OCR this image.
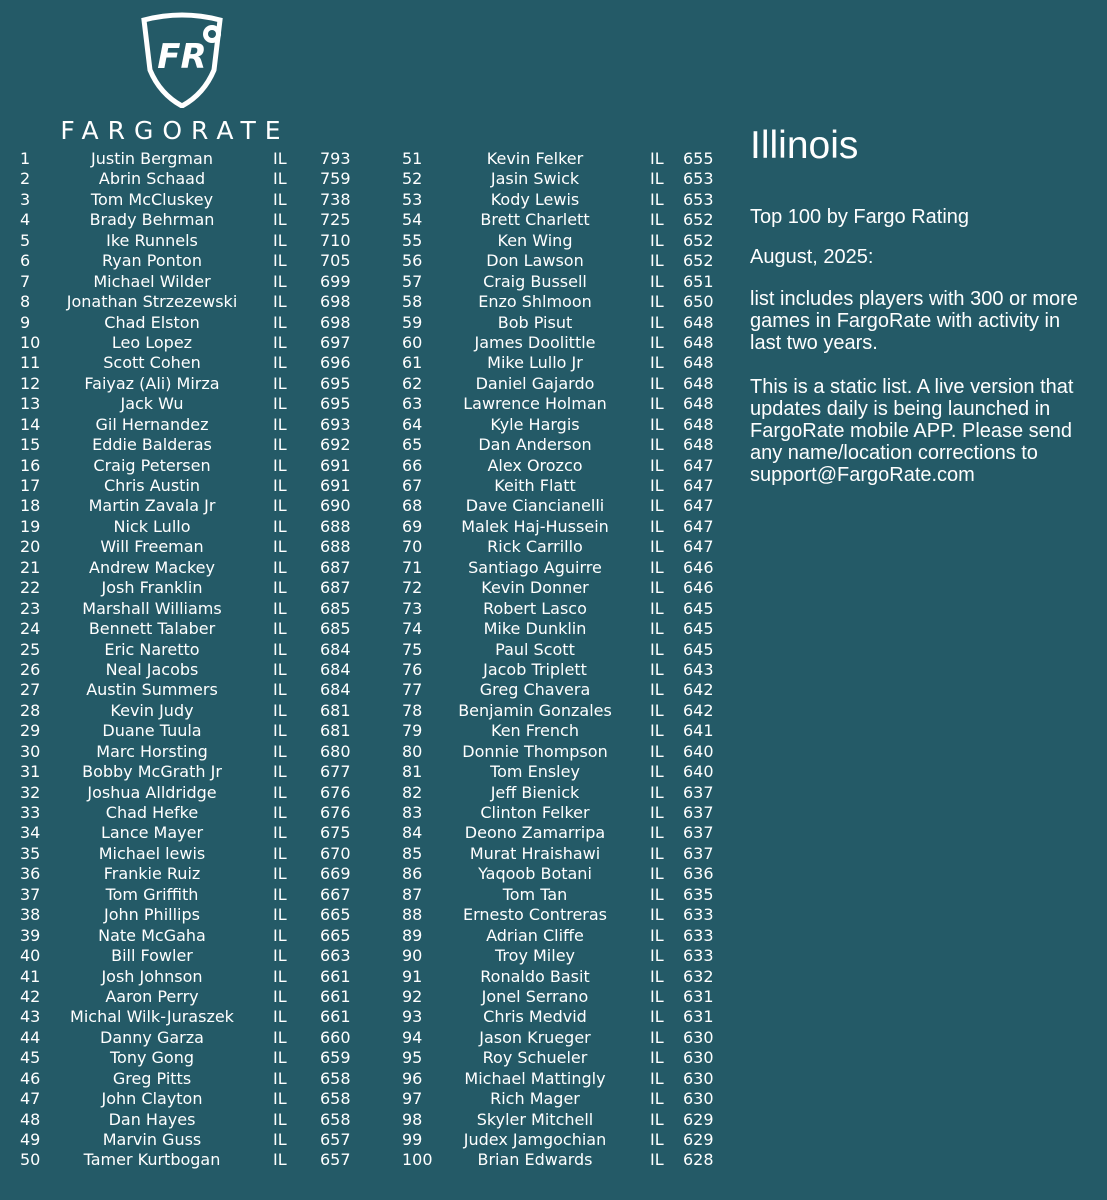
FR
FARGORATE
1	Justin Bergman	IL 793
2	Abrin Schaad	IL 759
3	Tom McCluskey	IL 738
4	Brady Behrman	IL 725
5	Ike Runnels	IL 710
6	Ryan Ponton	IL 705
7	Michael Wilder	IL 699
8	Jonathan Strzezewski	IL 698
9	Chad Elston	IL 698
10	Leo Lopez	IL 697
11	Scott Cohen	IL 696
12	Faiyaz (Ali) Mirza	IL 695
13	Jack Wu	IL 695
14	Gil Hernandez	IL 693
15	Eddie Balderas	IL 692
16	Craig Petersen	IL 691
17	Chris Austin	IL 691
18	Martin Zavala Jr	IL 690
19	Nick Lullo	IL 688
20	Will Freeman	IL 688
21	Andrew Mackey	IL 687
22	Josh Franklin	IL 687
23	Marshall Williams	IL 685
24	Bennett Talaber	IL 685
25	Eric Naretto	IL 684
26	Neal Jacobs	IL 684
27	Austin Summers	IL 684
28	Kevin Judy	IL 681
29	Duane Tuula	IL 681
30	Marc Horsting	IL 680
31	Bobby McGrath Jr	IL 677
32	Joshua Alldridge	IL 676
33	Chad Hefke	IL 676
34	Lance Mayer	IL 675
35	Michael lewis	IL 670
36	Frankie Ruiz	IL 669
37	Tom Griffith	IL 667
38	John Phillips	IL 665
39	Nate McGaha	IL 665
40	Bill Fowler	IL 663
41	Josh Johnson	IL 661
42	Aaron Perry	IL 661
43	Michal Wilk-Juraszek	IL 661
44	Danny Garza	IL 660
45	Tony Gong	IL 659
46	Greg Pitts	IL 658
47	John Clayton	IL 658
48	Dan Hayes	IL 658
49	Marvin Guss	IL 657
50	Tamer Kurtbogan	IL 657
51	Kevin Felker	IL 655
52	Jasin Swick	IL 653
53	Kody Lewis	IL 653
54	Brett Charlett	IL 652
55	Ken Wing	IL 652
56	Don Lawson	IL 652
57	Craig Bussell	IL 651
58	Enzo Shlmoon	IL 650
59	Bob Pisut	IL 648
60	James Doolittle	IL 648
61	Mike Lullo Jr	IL 648
62	Daniel Gajardo	IL 648
63	Lawrence Holman	IL 648
64	Kyle Hargis	IL 648
65	Dan Anderson	IL 648
66	Alex Orozco	IL 647
67	Keith Flatt	IL 647
68	Dave Ciancianelli	IL 647
69	Malek Haj-Hussein	IL 647
70	Rick Carrillo	IL 647
71	Santiago Aguirre	IL 646
72	Kevin Donner	IL 646
73	Robert Lasco	IL 645
74	Mike Dunklin	IL 645
75	Paul Scott	IL 645
76	Jacob Triplett	IL 643
77	Greg Chavera	IL 642
78	Benjamin Gonzales	IL 642
79	Ken French	IL 641
80	Donnie Thompson	IL 640
81	Tom Ensley	IL 640
82	Jeff Bienick	IL 637
83	Clinton Felker	IL 637
84	Deono Zamarripa	IL 637
85	Murat Hraishawi	IL 637
86	Yaqoob Botani	IL 636
87	Tom Tan	IL 635
88	Ernesto Contreras	IL 633
89	Adrian Cliffe	IL 633
90	Troy Miley	IL 633
91	Ronaldo Basit	IL 632
92	Jonel Serrano	IL 631
93	Chris Medvid	IL 631
94	Jason Krueger	IL 630
95	Roy Schueler	IL 630
96	Michael Mattingly	IL 630
97	Rich Mager	IL 630
98	Skyler Mitchell	IL 629
99	Judex Jamgochian	IL 629
100	Brian Edwards	IL 628
Illinois

Top 100 by Fargo Rating

August, 2025:

list includes players with 300 or more games in FargoRate with activity in last two years.

This is a static list. A live version that updates daily is being launched in FargoRate mobile APP. Please send any name/location corrections to support@FargoRate.com
